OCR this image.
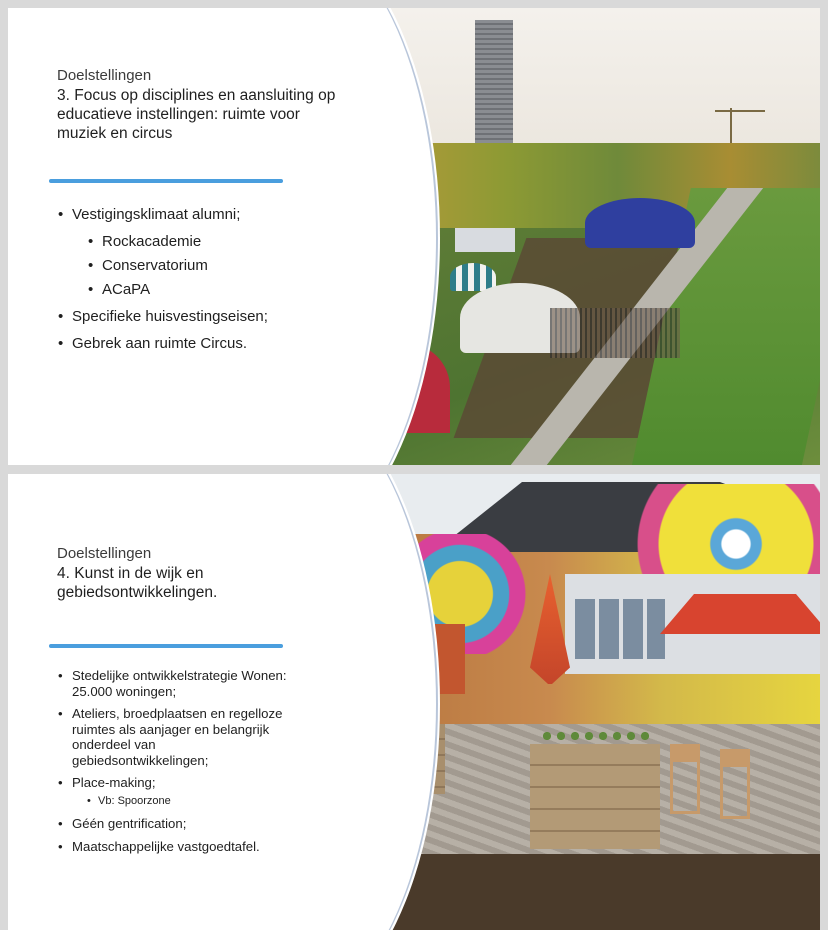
Doelstellingen
3. Focus op disciplines en aansluiting op
educatieve instellingen: ruimte voor
muziek en circus
• Vestigingsklimaat alumni;
• Rockacademie
• Conservatorium
• ACaPA
• Specifieke huisvestingseisen;
• Gebrek aan ruimte Circus.
Doelstellingen
4. Kunst in de wijk en
gebiedsontwikkelingen.
• Stedelijke ontwikkelstrategie Wonen:
25.000 woningen;
• Ateliers, broedplaatsen en regelloze
ruimtes als aanjager en belangrijk
onderdeel van
gebiedsontwikkelingen;
• Place-making;
• Vb: Spoorzone
• Géén gentrification;
• Maatschappelijke vastgoedtafel.
